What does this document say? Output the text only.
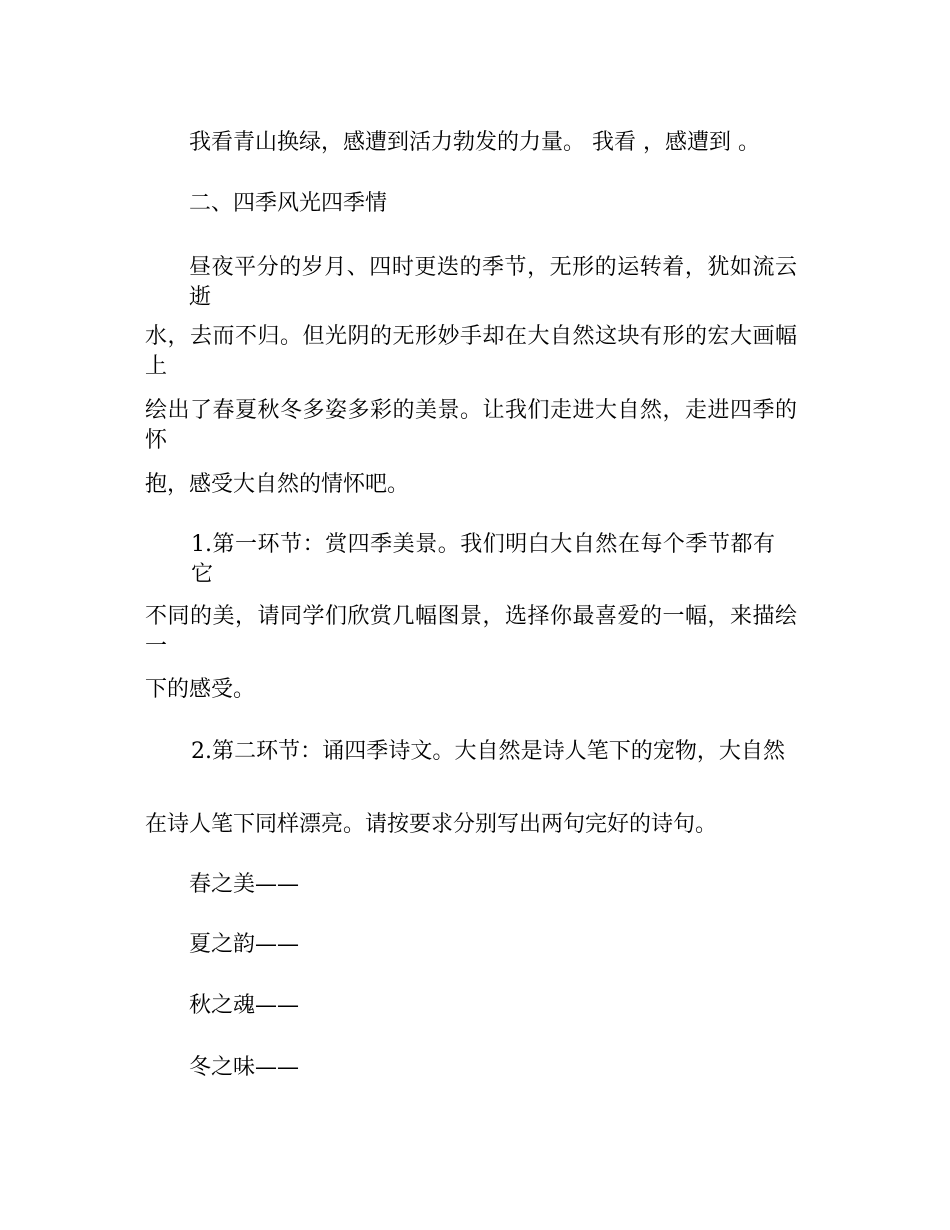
我看青山换绿，感遭到活力勃发的力量。 我看 ，感遭到 。

二、四季风光四季情

昼夜平分的岁月、四时更迭的季节，无形的运转着，犹如流云逝

水，去而不归。但光阴的无形妙手却在大自然这块有形的宏大画幅上

绘出了春夏秋冬多姿多彩的美景。让我们走进大自然，走进四季的怀

抱，感受大自然的情怀吧。

1.第一环节：赏四季美景。我们明白大自然在每个季节都有它

不同的美，请同学们欣赏几幅图景，选择你最喜爱的一幅，来描绘一

下的感受。

2.第二环节：诵四季诗文。大自然是诗人笔下的宠物，大自然

在诗人笔下同样漂亮。请按要求分别写出两句完好的诗句。

春之美——

夏之韵——

秋之魂——

冬之味——
